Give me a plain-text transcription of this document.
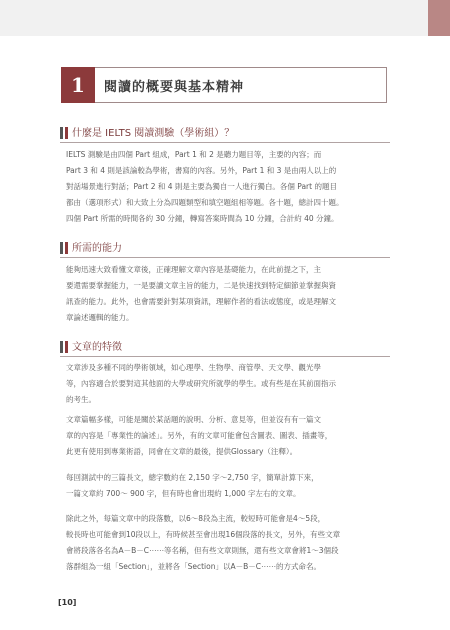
1	閱讀的概要與基本精神
什麼是 IELTS 閱讀測驗（學術組）？

IELTS 測驗是由四個 Part 組成，Part 1 和 2 是聽力題目等，主要的內容；而
Part 3 和 4 則是該論較為學術，書寫的內容。另外，Part 1 和 3 是由兩人以上的
對話場景進行對話；Part 2 和 4 則是主要為獨自一人進行獨白。各個 Part 的題目
都由（選項形式）和大致上分為四題類型和填空題組相等題。各十題，總計四十題。
四個 Part 所需的時間各約 30 分鐘，轉寫答案時間為 10 分鐘，合計約 40 分鐘。

所需的能力

能夠迅速大致看懂文章後，正確理解文章內容是基礎能力，在此前提之下，主
要還需要掌握能力，一是要讀文章主旨的能力，二是快速找到特定細節並掌握與資
訊查的能力。此外，也會需要針對某項資訊，理解作者的看法或態度，或是理解文
章論述邏輯的能力。

文章的特徵

文章涉及多種不同的學術領域，如心理學、生物學、商管學、天文學、觀光學
等，內容適合於要對這其他面的大學或研究所就學的學生。或有些是在其前面指示
的考生。

文章篇幅多樣，可能是關於某話題的說明、分析、意見等，但並沒有有一篇文
章的內容是「專業性的論述」。另外，有的文章可能會包含圖表、圖表、插畫等，
此更有使用到專業術語，同會在文章的最後，提供Glossary（注釋）。

每回測試中的三篇長文，總字數約在 2,150 字～2,750 字，簡單計算下來，
一篇文章約 700～ 900 字，但有時也會出現約 1,000 字左右的文章。

除此之外，每篇文章中的段落數，以6～8段為主流，較短時可能會是4～5段，
較長時也可能會到10段以上，有時候甚至會出現16個段落的長文，另外，有些文章
會將段落各名為A－B－C⋯⋯等名稱，但有些文章則無，還有些文章會將1～3個段
落群組為一組「Section」，並將各「Section」以A－B－C⋯⋯的方式命名。

[10]
